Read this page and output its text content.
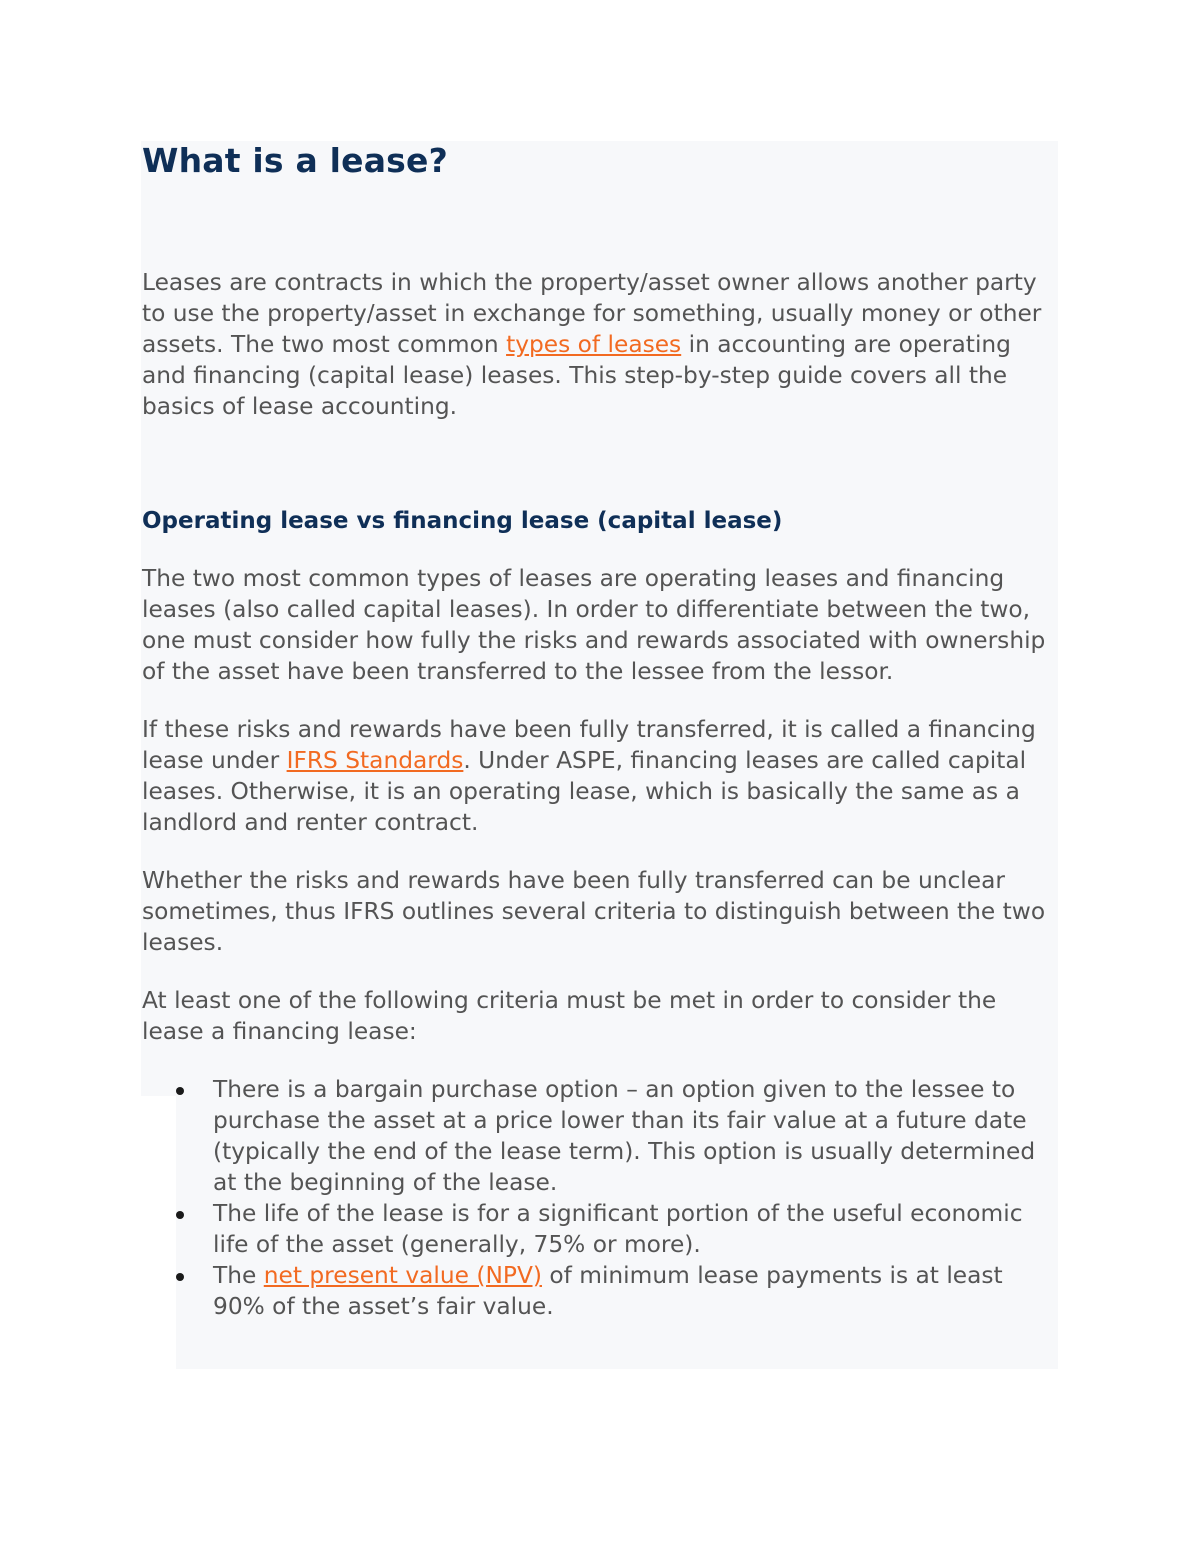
What is a lease?

Leases are contracts in which the property/asset owner allows another party to use the property/asset in exchange for something, usually money or other assets. The two most common types of leases in accounting are operating and financing (capital lease) leases. This step-by-step guide covers all the basics of lease accounting.

Operating lease vs financing lease (capital lease)

The two most common types of leases are operating leases and financing leases (also called capital leases). In order to differentiate between the two, one must consider how fully the risks and rewards associated with ownership of the asset have been transferred to the lessee from the lessor.

If these risks and rewards have been fully transferred, it is called a financing lease under IFRS Standards. Under ASPE, financing leases are called capital leases. Otherwise, it is an operating lease, which is basically the same as a landlord and renter contract.

Whether the risks and rewards have been fully transferred can be unclear sometimes, thus IFRS outlines several criteria to distinguish between the two leases.

At least one of the following criteria must be met in order to consider the lease a financing lease:

There is a bargain purchase option – an option given to the lessee to purchase the asset at a price lower than its fair value at a future date (typically the end of the lease term). This option is usually determined at the beginning of the lease.
The life of the lease is for a significant portion of the useful economic life of the asset (generally, 75% or more).
The net present value (NPV) of minimum lease payments is at least 90% of the asset’s fair value.
